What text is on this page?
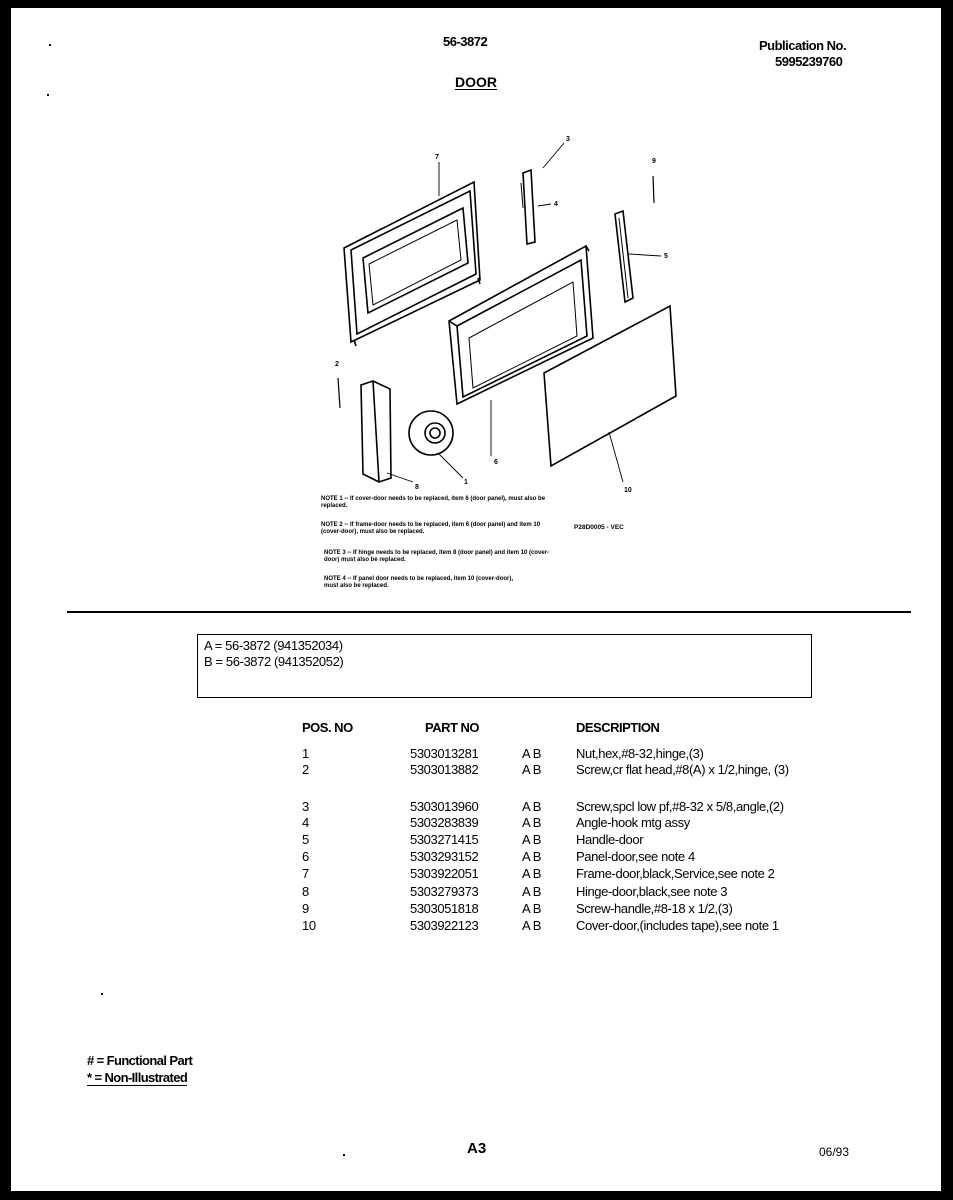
56-3872
DOOR
Publication No.
5995239760
1
2
3
4
5
6
7
8
9
10
NOTE 1 -- If cover-door needs to be replaced, item 6 (door panel), must also be replaced.
NOTE 2 -- If frame-door needs to be replaced, item 6 (door panel) and item 10 (cover-door), must also be replaced.
NOTE 3 -- If hinge needs to be replaced, item 8 (door panel) and item 10 (cover-door) must also be replaced.
NOTE 4 -- If panel door needs to be replaced, item 10 (cover-door), must also be replaced.
P28D0005 - VEC
A = 56-3872 (941352034)
B = 56-3872 (941352052)
POS. NO	PART NO	DESCRIPTION
# = Functional Part
* = Non-Illustrated
A3	06/93
1	5303013281	A B	Nut,hex,#8-32,hinge,(3)
2	5303013882	A B	Screw,cr flat head,#8(A) x 1/2,hinge, (3)
3	5303013960	A B	Screw,spcl low pf,#8-32 x 5/8,angle,(2)
4	5303283839	A B	Angle-hook mtg assy
5	5303271415	A B	Handle-door
6	5303293152	A B	Panel-door,see note 4
7	5303922051	A B	Frame-door,black,Service,see note 2
8	5303279373	A B	Hinge-door,black,see note 3
9	5303051818	A B	Screw-handle,#8-18 x 1/2,(3)
10	5303922123	A B	Cover-door,(includes tape),see note 1
